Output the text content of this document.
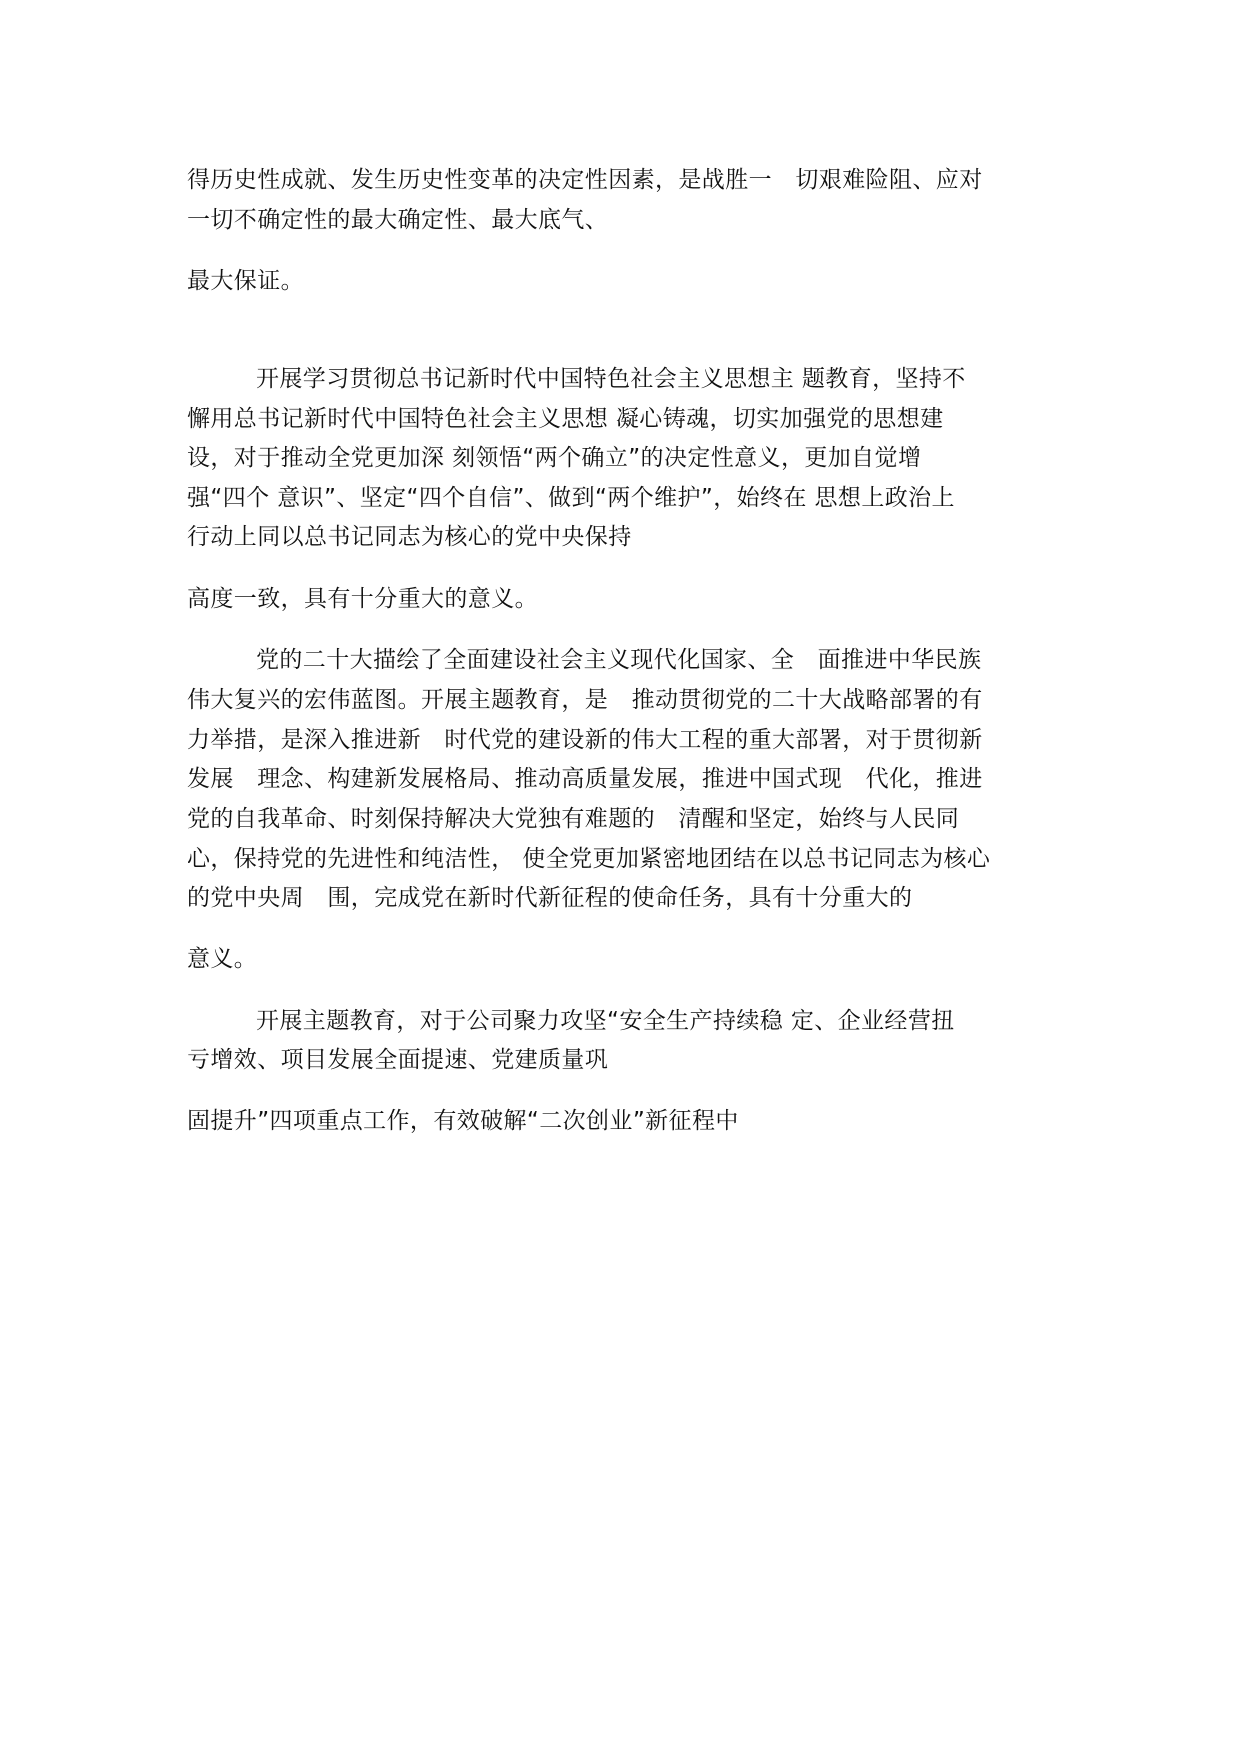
得历史性成就、发生历史性变革的决定性因素，是战胜一　切艰难险阻、应对

一切不确定性的最大确定性、最大底气、

最大保证。

开展学习贯彻总书记新时代中国特色社会主义思想主 题教育，坚持不

懈用总书记新时代中国特色社会主义思想 凝心铸魂，切实加强党的思想建

设，对于推动全党更加深 刻领悟“两个确立”的决定性意义，更加自觉增

强“四个 意识”、坚定“四个自信”、做到“两个维护”，始终在 思想上政治上

行动上同以总书记同志为核心的党中央保持

高度一致，具有十分重大的意义。

党的二十大描绘了全面建设社会主义现代化国家、全　面推进中华民族

伟大复兴的宏伟蓝图。开展主题教育，是　推动贯彻党的二十大战略部署的有

力举措，是深入推进新　时代党的建设新的伟大工程的重大部署，对于贯彻新

发展　理念、构建新发展格局、推动高质量发展，推进中国式现　代化，推进

党的自我革命、时刻保持解决大党独有难题的　清醒和坚定，始终与人民同

心，保持党的先进性和纯洁性， 使全党更加紧密地团结在以总书记同志为核心

的党中央周　围，完成党在新时代新征程的使命任务，具有十分重大的

意义。

开展主题教育，对于公司聚力攻坚“安全生产持续稳 定、企业经营扭

亏增效、项目发展全面提速、党建质量巩

固提升”四项重点工作，有效破解“二次创业”新征程中
